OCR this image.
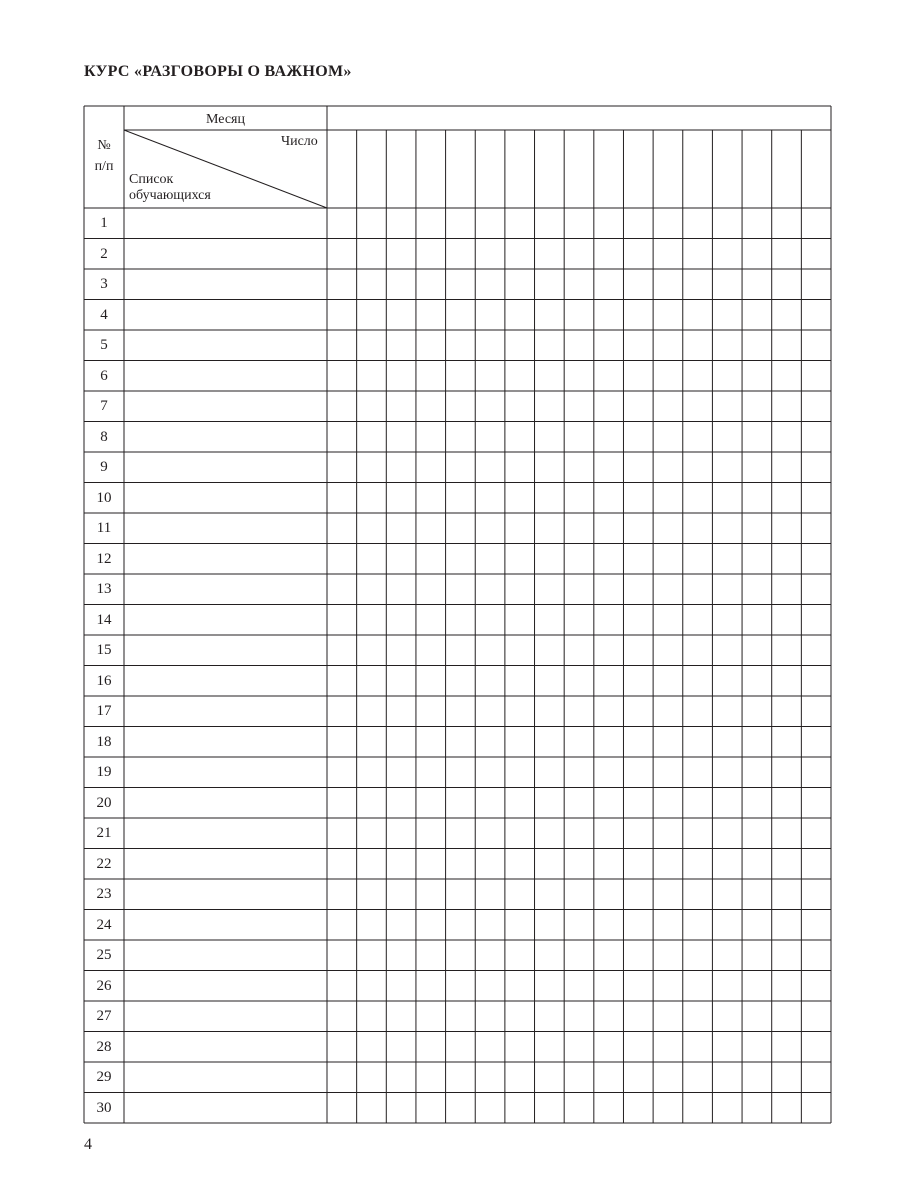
КУРС «РАЗГОВОРЫ О ВАЖНОМ»
№
п/п
Месяц
Число
Список
обучающихся
1
2
3
4
5
6
7
8
9
10
11
12
13
14
15
16
17
18
19
20
21
22
23
24
25
26
27
28
29
30
4
